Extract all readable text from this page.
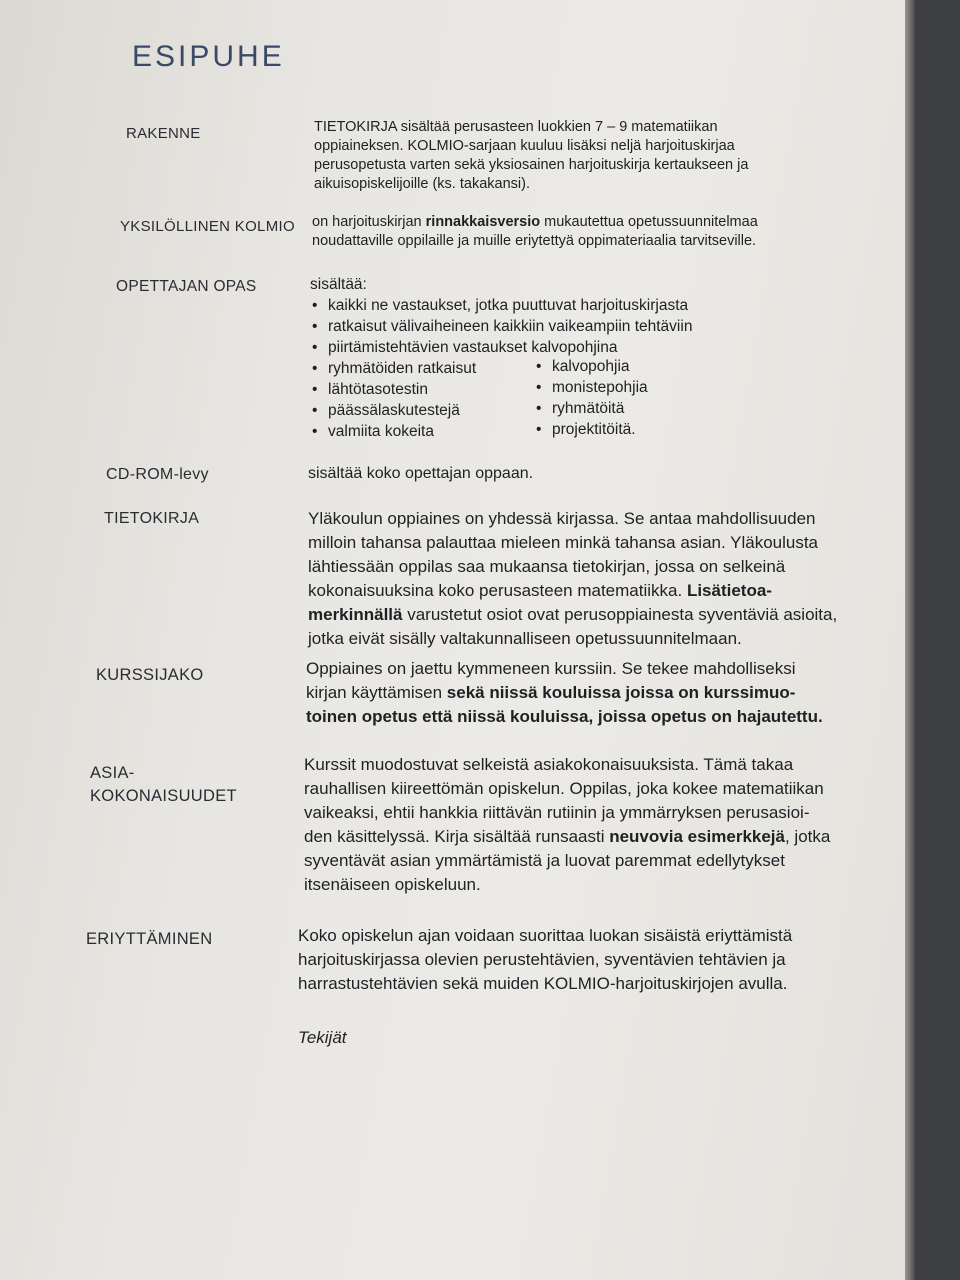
ESIPUHE
RAKENNE	TIETOKIRJA sisältää perusasteen luokkien 7 – 9 matematiikan

oppiaineksen. KOLMIO-sarjaan kuuluu lisäksi neljä harjoituskirjaa

perusopetusta varten sekä yksiosainen harjoituskirja kertaukseen ja

aikuisopiskelijoille (ks. takakansi).

YKSILÖLLINEN KOLMIO on harjoituskirjan rinnakkaisversio mukautettua opetussuunnitelmaa

noudattaville oppilaille ja muille eriytettyä oppimateriaalia tarvitseville.

OPETTAJAN OPAS	sisältää:

• kaikki ne vastaukset, jotka puuttuvat harjoituskirjasta
• ratkaisut välivaiheineen kaikkiin vaikeampiin tehtäviin
• piirtämistehtävien vastaukset kalvopohjina
• ryhmätöiden ratkaisut
• lähtötasotestin
• päässälaskutestejä
• valmiita kokeita
• kalvopohjia
• monistepohjia
• ryhmätöitä
• projektitöitä.
CD-ROM-levy	sisältää koko opettajan oppaan.

TIETOKIRJA	Yläkoulun oppiaines on yhdessä kirjassa. Se antaa mahdollisuuden

milloin tahansa palauttaa mieleen minkä tahansa asian. Yläkoulusta

lähtiessään oppilas saa mukaansa tietokirjan, jossa on selkeinä

kokonaisuuksina koko perusasteen matematiikka. Lisätietoa-

merkinnällä varustetut osiot ovat perusoppiainesta syventäviä asioita,

jotka eivät sisälly valtakunnalliseen opetussuunnitelmaan.

KURSSIJAKO	Oppiaines on jaettu kymmeneen kurssiin. Se tekee mahdolliseksi

kirjan käyttämisen sekä niissä kouluissa joissa on kurssimuo-

toinen opetus että niissä kouluissa, joissa opetus on hajautettu.

ASIA-
KOKONAISUUDET

Kurssit muodostuvat selkeistä asiakokonaisuuksista. Tämä takaa

rauhallisen kiireettömän opiskelun. Oppilas, joka kokee matematiikan

vaikeaksi, ehtii hankkia riittävän rutiinin ja ymmärryksen perusasioi-

den käsittelyssä. Kirja sisältää runsaasti neuvovia esimerkkejä, jotka

syventävät asian ymmärtämistä ja luovat paremmat edellytykset

itsenäiseen opiskeluun.

ERIYTTÄMINEN	Koko opiskelun ajan voidaan suorittaa luokan sisäistä eriyttämistä

harjoituskirjassa olevien perustehtävien, syventävien tehtävien ja

harrastustehtävien sekä muiden KOLMIO-harjoituskirjojen avulla.

Tekijät
